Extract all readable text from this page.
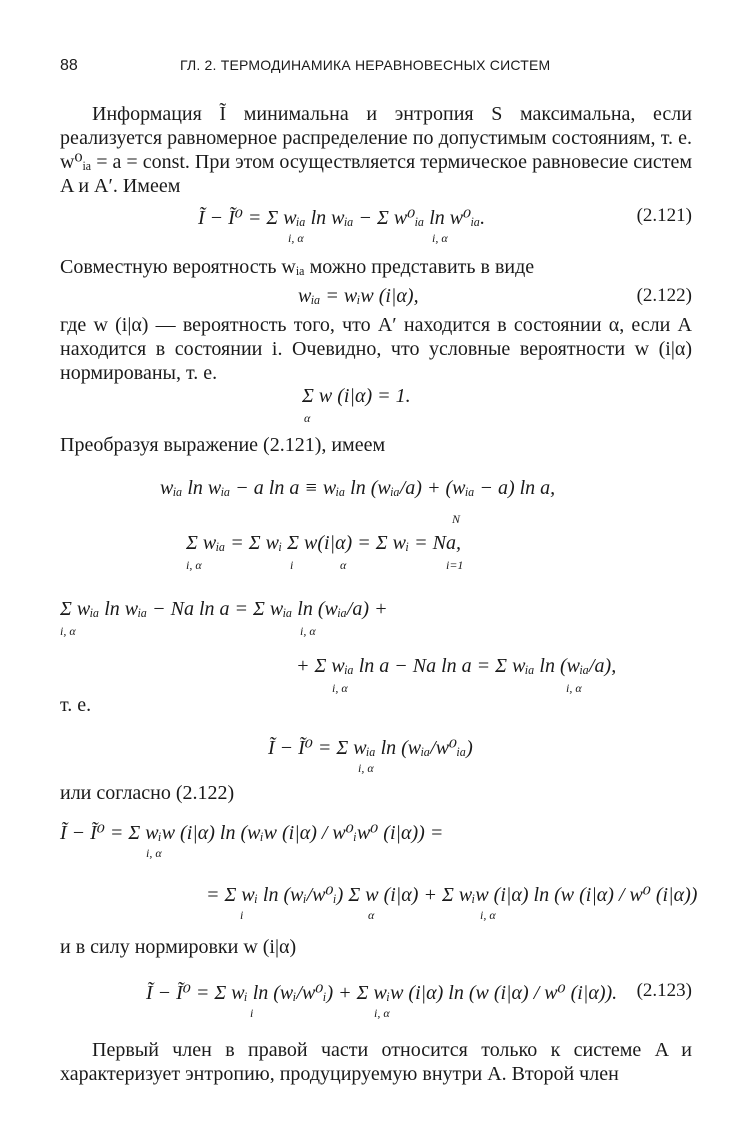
88	ГЛ. 2. ТЕРМОДИНАМИКА НЕРАВНОВЕСНЫХ СИСТЕМ
Информация Ĩ минимальна и энтропия S максимальна, если реализуется равномерное распределение по допустимым состояниям, т. е. w⁰ᵢₐ = a = const. При этом осуществляется термическое равновесие систем A и A′. Имеем
Ĩ − Ĩ⁰ = Σ wᵢₐ ln wᵢₐ − Σ w⁰ᵢₐ ln w⁰ᵢₐ.	(2.121)
i, α	i, α
Совместную вероятность wᵢₐ можно представить в виде
wᵢₐ = wᵢw (i|α),	(2.122)
где w (i|α) — вероятность того, что A′ находится в состоянии α, если A находится в состоянии i. Очевидно, что условные вероятности w (i|α) нормированы, т. е.
Σ w (i|α) = 1.
α
Преобразуя выражение (2.121), имеем
wᵢₐ ln wᵢₐ − a ln a ≡ wᵢₐ ln (wᵢₐ/a) + (wᵢₐ − a) ln a,
N
Σ wᵢₐ = Σ wᵢ Σ w(i|α) = Σ wᵢ = Na,
i, α	i	α	i=1
Σ wᵢₐ ln wᵢₐ − Na ln a = Σ wᵢₐ ln (wᵢₐ/a) +
i, α	i, α
+ Σ wᵢₐ ln a − Na ln a = Σ wᵢₐ ln (wᵢₐ/a),
i, α	i, α
т. е.
Ĩ − Ĩ⁰ = Σ wᵢₐ ln (wᵢₐ/w⁰ᵢₐ)
i, α
или согласно (2.122)
Ĩ − Ĩ⁰ = Σ wᵢw (i|α) ln (wᵢw (i|α) / w⁰ᵢw⁰ (i|α)) =
i, α
= Σ wᵢ ln (wᵢ/w⁰ᵢ) Σ w (i|α) + Σ wᵢw (i|α) ln (w (i|α) / w⁰ (i|α))
i	α	i, α
и в силу нормировки w (i|α)
Ĩ − Ĩ⁰ = Σ wᵢ ln (wᵢ/w⁰ᵢ) + Σ wᵢw (i|α) ln (w (i|α) / w⁰ (i|α)). (2.123)
i	i, α
Первый член в правой части относится только к системе A и характеризует энтропию, продуцируемую внутри A. Второй член
